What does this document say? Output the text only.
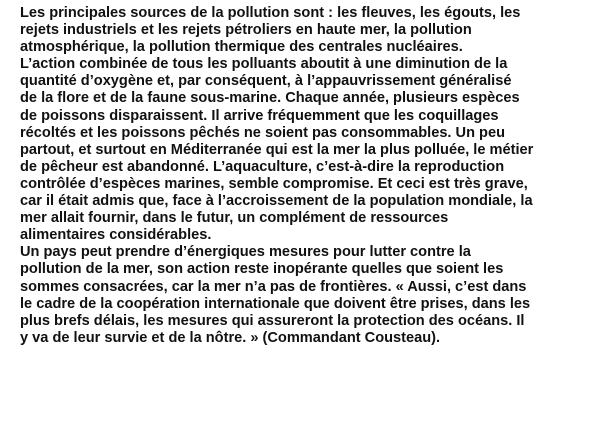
Les principales sources de la pollution sont : les fleuves, les égouts, les
rejets industriels et les rejets pétroliers en haute mer, la pollution
atmosphérique, la pollution thermique des centrales nucléaires.
L’action combinée de tous les polluants aboutit à une diminution de la
quantité d’oxygène et, par conséquent, à l’appauvrissement généralisé
de la flore et de la faune sous-marine. Chaque année, plusieurs espèces
de poissons disparaissent. Il arrive fréquemment que les coquillages
récoltés et les poissons pêchés ne soient pas consommables. Un peu
partout, et surtout en Méditerranée qui est la mer la plus polluée, le métier
de pêcheur est abandonné. L’aquaculture, c’est-à-dire la reproduction
contrôlée d’espèces marines, semble compromise. Et ceci est très grave,
car il était admis que, face à l’accroissement de la population mondiale, la
mer allait fournir, dans le futur, un complément de ressources
alimentaires considérables.
Un pays peut prendre d’énergiques mesures pour lutter contre la
pollution de la mer, son action reste inopérante quelles que soient les
sommes consacrées, car la mer n’a pas de frontières. « Aussi, c’est dans
le cadre de la coopération internationale que doivent être prises, dans les
plus brefs délais, les mesures qui assureront la protection des océans. Il
y va de leur survie et de la nôtre. » (Commandant Cousteau).
